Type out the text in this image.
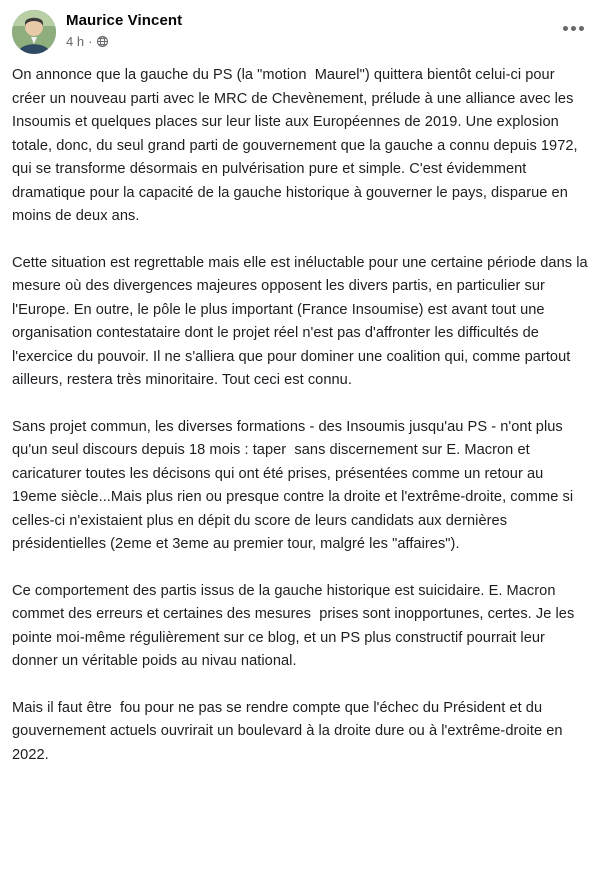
Maurice Vincent
4 h ·

On annonce que la gauche du PS (la "motion  Maurel") quittera bientôt celui-ci pour créer un nouveau parti avec le MRC de Chevènement, prélude à une alliance avec les Insoumis et quelques places sur leur liste aux Européennes de 2019. Une explosion totale, donc, du seul grand parti de gouvernement que la gauche a connu depuis 1972, qui se transforme désormais en pulvérisation pure et simple. C'est évidemment dramatique pour la capacité de la gauche historique à gouverner le pays, disparue en moins de deux ans.

Cette situation est regrettable mais elle est inéluctable pour une certaine période dans la mesure où des divergences majeures opposent les divers partis, en particulier sur l'Europe. En outre, le pôle le plus important (France Insoumise) est avant tout une organisation contestataire dont le projet réel n'est pas d'affronter les difficultés de l'exercice du pouvoir. Il ne s'alliera que pour dominer une coalition qui, comme partout ailleurs, restera très minoritaire. Tout ceci est connu.

Sans projet commun, les diverses formations - des Insoumis jusqu'au PS - n'ont plus qu'un seul discours depuis 18 mois : taper  sans discernement sur E. Macron et caricaturer toutes les décisons qui ont été prises, présentées comme un retour au 19eme siècle...Mais plus rien ou presque contre la droite et l'extrême-droite, comme si celles-ci n'existaient plus en dépit du score de leurs candidats aux dernières présidentielles (2eme et 3eme au premier tour, malgré les "affaires").

Ce comportement des partis issus de la gauche historique est suicidaire. E. Macron commet des erreurs et certaines des mesures  prises sont inopportunes, certes. Je les pointe moi-même régulièrement sur ce blog, et un PS plus constructif pourrait leur donner un véritable poids au nivau national.

Mais il faut être  fou pour ne pas se rendre compte que l'échec du Président et du gouvernement actuels ouvrirait un boulevard à la droite dure ou à l'extrême-droite en 2022.
